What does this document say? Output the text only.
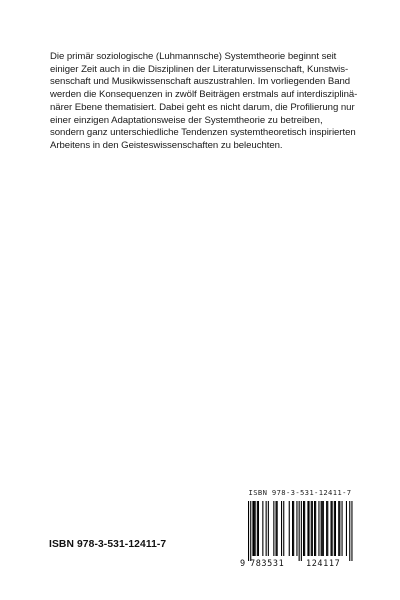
Die primär soziologische (Luhmannsche) Systemtheorie beginnt seit
einiger Zeit auch in die Disziplinen der Literaturwissenschaft, Kunstwis-
senschaft und Musikwissenschaft auszustrahlen. Im vorliegenden Band
werden die Konsequenzen in zwölf Beiträgen erstmals auf interdisziplinä-
närer Ebene thematisiert. Dabei geht es nicht darum, die Profilierung nur
einer einzigen Adaptationsweise der Systemtheorie zu betreiben,
sondern ganz unterschiedliche Tendenzen systemtheoretisch inspirierten
Arbeitens in den Geisteswissenschaften zu beleuchten.
ISBN 978-3-531-12411-7
ISBN 978-3-531-12411-7
9 783531	124117
